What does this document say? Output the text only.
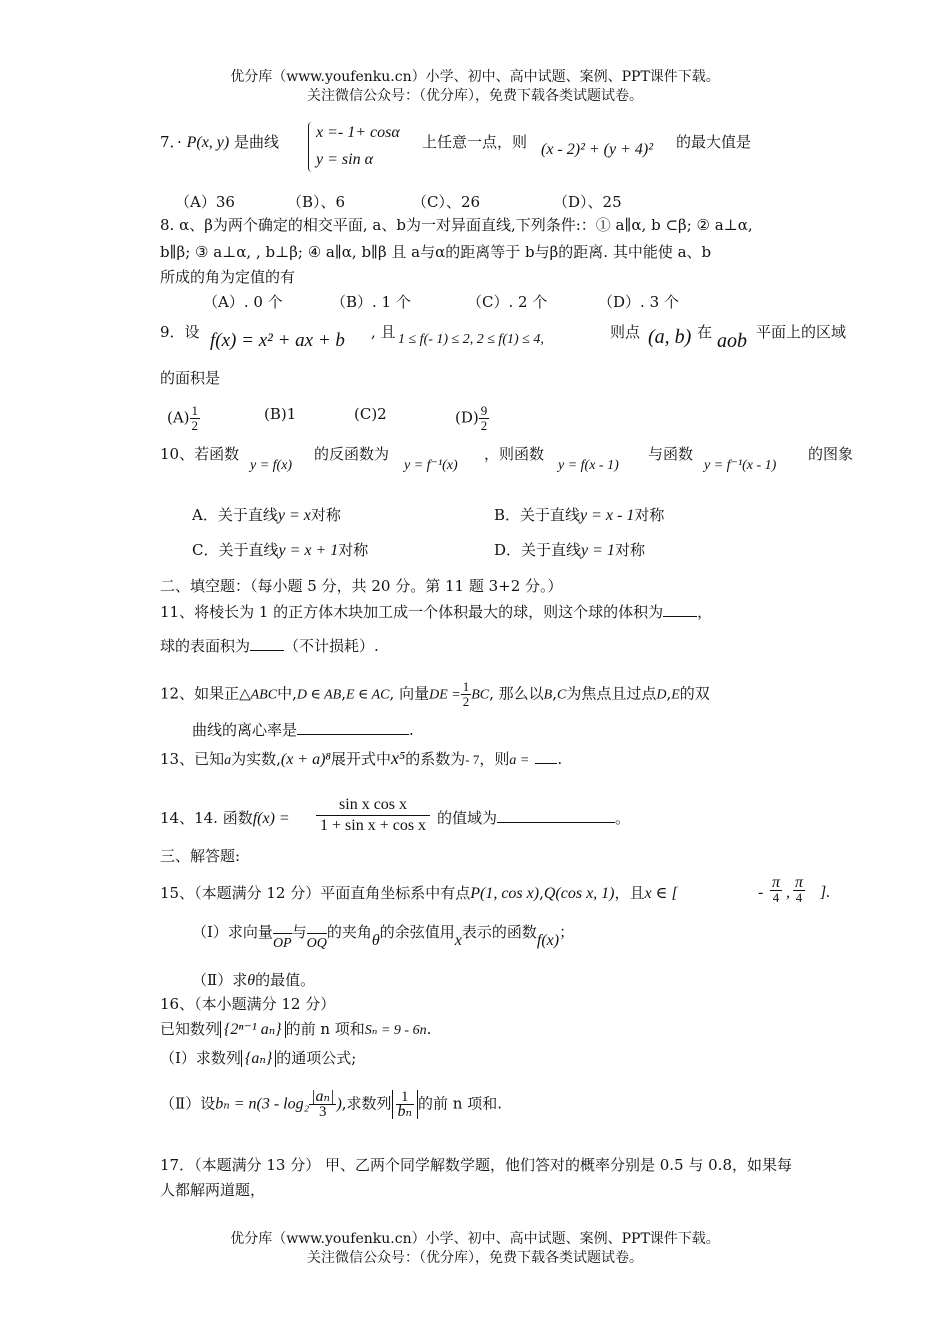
优分库（www.youfenku.cn）小学、初中、高中试题、案例、PPT课件下载。
关注微信公众号：（优分库），免费下载各类试题试卷。
7．· P(x, y) 是曲线
x =- 1+ cosα
y = sin α
上任意一点，则 (x - 2)² + (y + 4)² 的最大值是
（A）36	（B）、6	（C）、26	（D）、25
8. α、β为两个确定的相交平面, a、b为一对异面直线,下列条件:：① a∥α, b ⊂β; ② a⊥α,
b∥β; ③ a⊥α, , b⊥β; ④ a∥α, b∥β 且 a与α的距离等于 b与β的距离. 其中能使 a、b
所成的角为定值的有
（A）. 0 个	（B）. 1 个	（C）. 2 个	（D）. 3 个
9．设 f(x) = x² + ax + b , 且 1 ≤ f(- 1) ≤ 2, 2 ≤ f(1) ≤ 4,	则点 (a, b) 在 aob 平面上的区域
的面积是
$(A) \frac{1}{2}$	(B)1	(C)2	$(D) \frac{9}{2}$
10、若函数
y = f(x)
的反函数为
y = f⁻¹(x)
，则函数
y = f(x - 1)
与函数
y = f⁻¹(x - 1)
的图象
A．关于直线y = x对称	B．关于直线y = x - 1对称
C．关于直线y = x + 1对称	D．关于直线y = 1对称
二、填空题：（每小题 5 分，共 20 分。第 11 题 3+2 分。）
11、将棱长为 1 的正方体木块加工成一个体积最大的球，则这个球的体积为 ，
球的表面积为 （不计损耗）.
12、如果正△ABC中,D ∈ AB,E ∈ AC, 向量DE = $\frac{1}{2}$ BC, 那么以B,C为焦点且过点D,E的双
曲线的离心率是	.
13、已知a为实数,(x + a)⁸展开式中x⁵的系数为- 7，则a = .
14、14. 函数$f(x) = \frac{\text{sin x cos x}}{\text{1 + sin x + cos x}}$ 的值域为	。
三、解答题:
15、（本题满分 12 分）平面直角坐标系中有点P(1, cos x),Q(cos x, 1)，且x ∈ [	-
π
4 ,
π
4 ].
（Ⅰ）求向量OP与OQ的夹角θ的余弦值用x表示的函数f(x)；
（Ⅱ）求θ的最值。
16、（本小题满分 12 分）
已知数列 {2ⁿ⁻¹ aₙ} 的前 n 项和Sₙ = 9 - 6n.
（Ⅰ）求数列 {aₙ} 的通项公式;
（Ⅱ）设$b_n = n(3 - \log_2 \frac{\text{|aₙ|}}{3}$ ),求数列 $\frac{1}{\text{bₙ}}$ 的前 n 项和.
17．（本题满分 13 分） 甲、乙两个同学解数学题，他们答对的概率分别是 0.5 与 0.8，如果每
人都解两道题，
优分库（www.youfenku.cn）小学、初中、高中试题、案例、PPT课件下载。
关注微信公众号：（优分库），免费下载各类试题试卷。
